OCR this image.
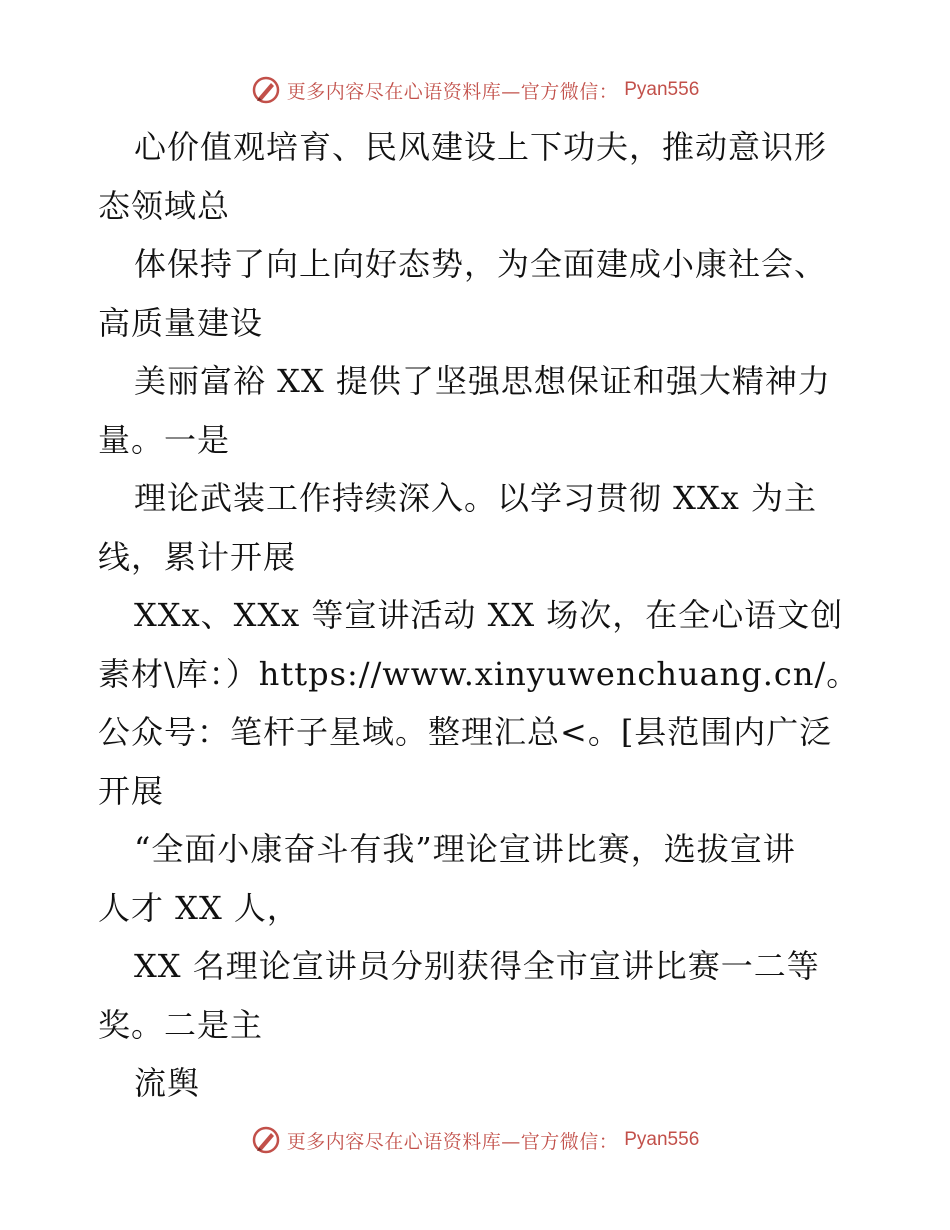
更多内容尽在心语资料库—官方微信： Pyan556
心价值观培育、民风建设上下功夫，推动意识形
态领域总
体保持了向上向好态势，为全面建成小康社会、
高质量建设
美丽富裕 XX 提供了坚强思想保证和强大精神力
量。一是
理论武装工作持续深入。以学习贯彻 XXx 为主
线，累计开展
XXx、XXx 等宣讲活动 XX 场次，在全心语文创
素材\库：）https://www.xinyuwenchuang.cn/。
公众号：笔杆子星域。整理汇总<。[县范围内广泛
开展
“全面小康奋斗有我”理论宣讲比赛，选拔宣讲
人才 XX 人，
XX 名理论宣讲员分别获得全市宣讲比赛一二等
奖。二是主
流舆
更多内容尽在心语资料库—官方微信： Pyan556
